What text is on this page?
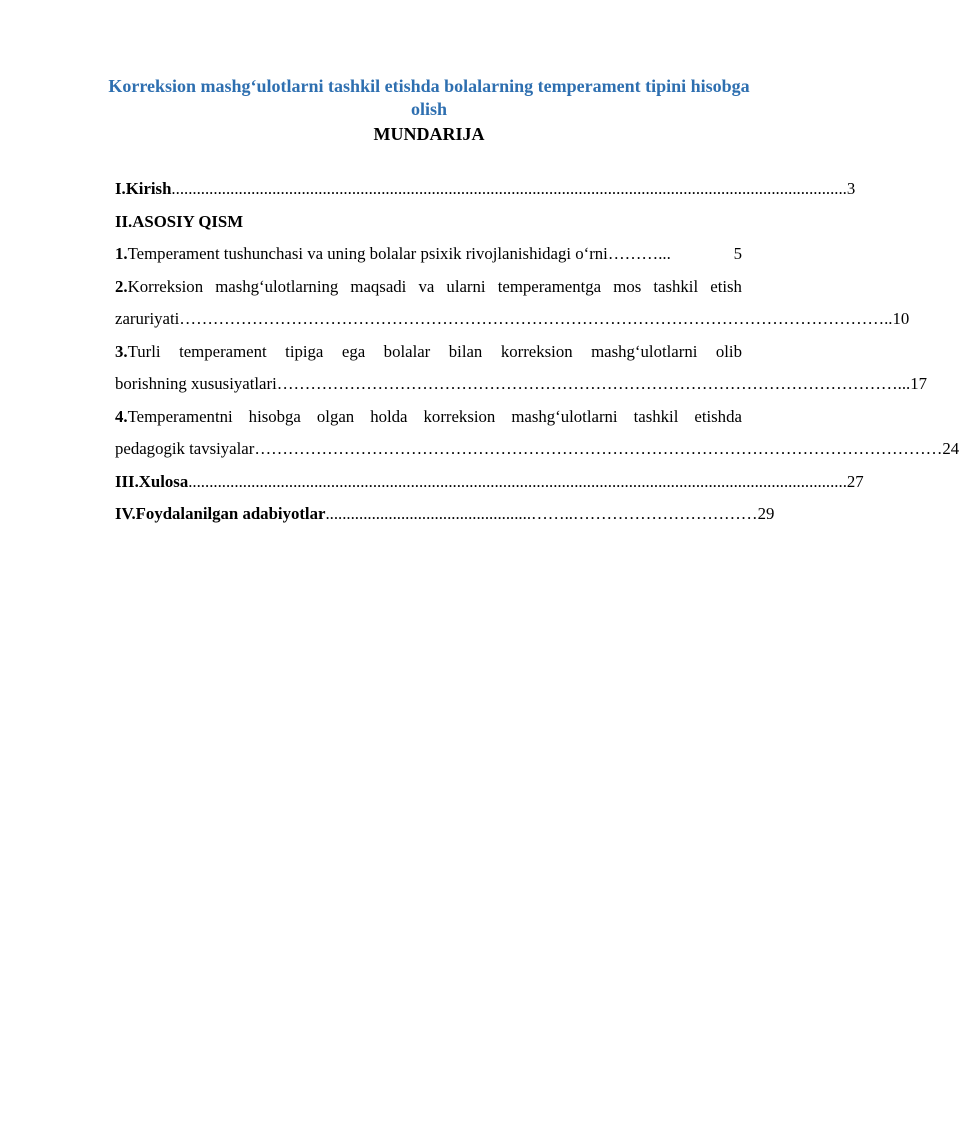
Korreksion mashg‘ulotlarni tashkil etishda bolalarning temperament tipini hisobga olish
MUNDARIJA
I.Kirish ................................................................................................................................................................. 3
II.ASOSIY QISM
1.Temperament tushunchasi va uning bolalar psixik rivojlanishidagi o‘rni ………...	5
2.Korreksion mashg‘ulotlarning maqsadi va ularni temperamentga mos tashkil etish
zaruriyati ……………………………………………………………………………………………………………….. 10
3.Turli temperament tipiga ega bolalar bilan korreksion mashg‘ulotlarni olib
borishning xususiyatlari …………………………………………………………………………………………………... 17
4.Temperamentni hisobga olgan holda korreksion mashg‘ulotlarni tashkil etishda
pedagogik tavsiyalar …………………………………………………………………………………………………………… 24
III.Xulosa ............................................................................................................................................................. 27
IV.Foydalanilgan adabiyotlar .................................................……..…………………………… 29
